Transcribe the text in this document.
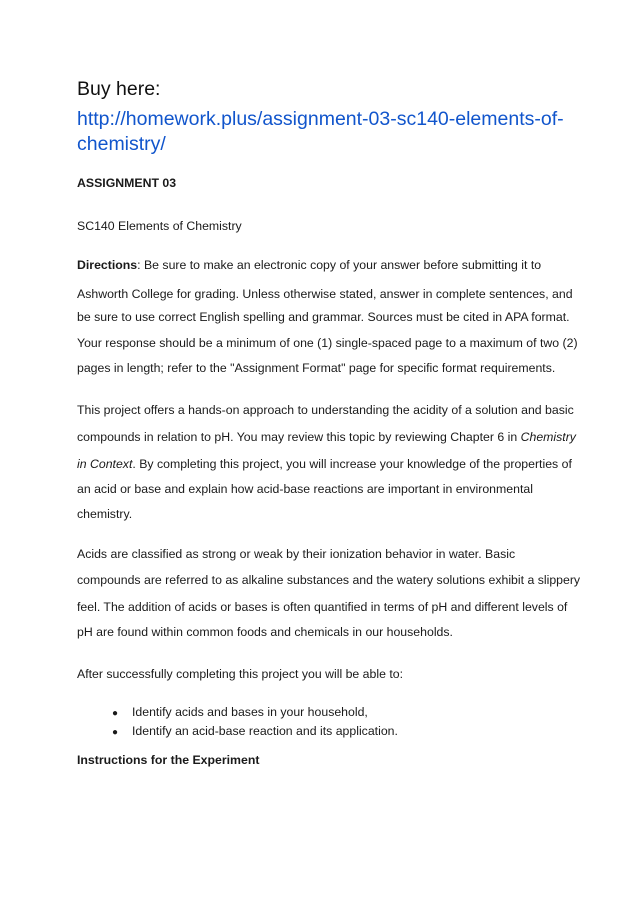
Buy here:

http://homework.plus/assignment-03-sc140-elements-of-
chemistry/

ASSIGNMENT 03

SC140 Elements of Chemistry

Directions: Be sure to make an electronic copy of your answer before submitting it to

Ashworth College for grading. Unless otherwise stated, answer in complete sentences, and

be sure to use correct English spelling and grammar. Sources must be cited in APA format.

Your response should be a minimum of one (1) single-spaced page to a maximum of two (2)

pages in length; refer to the "Assignment Format" page for specific format requirements.

This project offers a hands‑on approach to understanding the acidity of a solution and basic

compounds in relation to pH. You may review this topic by reviewing Chapter 6 in Chemistry

in Context. By completing this project, you will increase your knowledge of the properties of

an acid or base and explain how acid‑base reactions are important in environmental

chemistry.

Acids are classified as strong or weak by their ionization behavior in water. Basic

compounds are referred to as alkaline substances and the watery solutions exhibit a slippery

feel. The addition of acids or bases is often quantified in terms of pH and different levels of

pH are found within common foods and chemicals in our households.

After successfully completing this project you will be able to:

● Identify acids and bases in your household,
● Identify an acid-base reaction and its application.

Instructions for the Experiment
